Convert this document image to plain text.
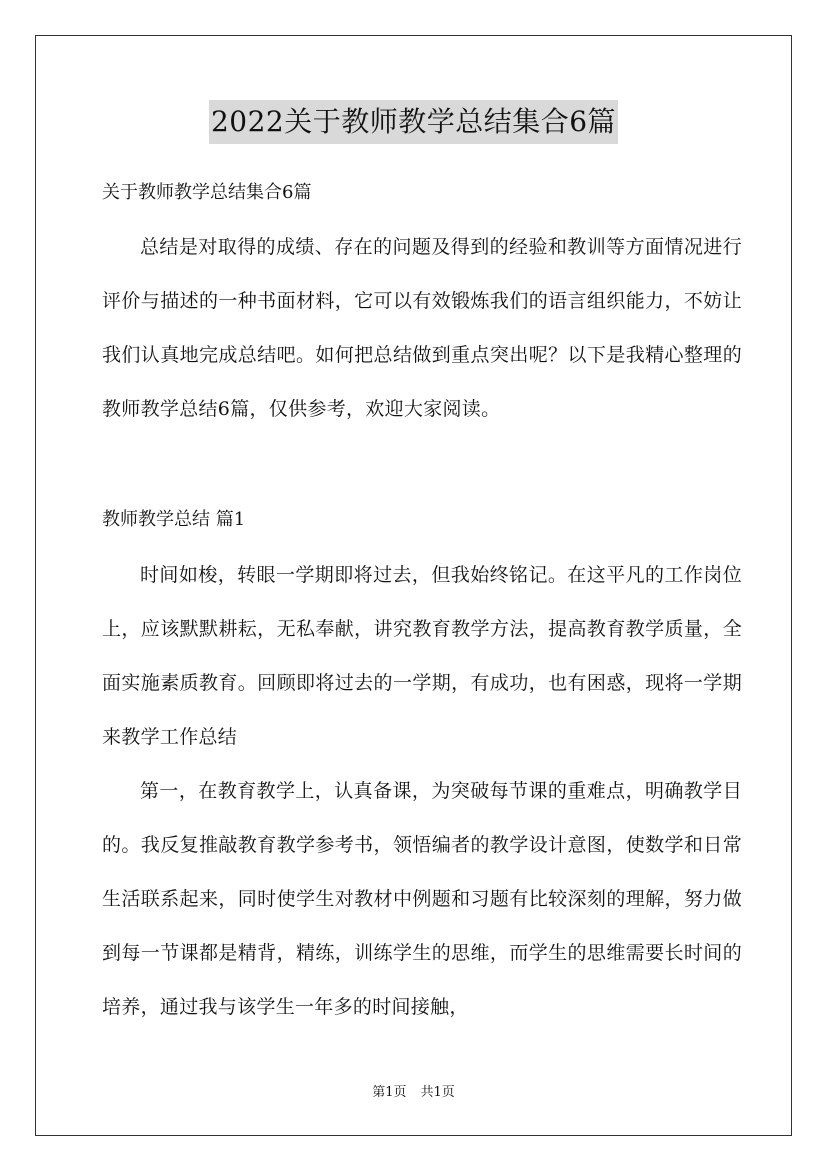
2022关于教师教学总结集合6篇
关于教师教学总结集合6篇

总结是对取得的成绩、存在的问题及得到的经验和教训等方面情况进行评价与描述的一种书面材料，它可以有效锻炼我们的语言组织能力，不妨让我们认真地完成总结吧。如何把总结做到重点突出呢？以下是我精心整理的教师教学总结6篇，仅供参考，欢迎大家阅读。

教师教学总结 篇1

时间如梭，转眼一学期即将过去，但我始终铭记。在这平凡的工作岗位上，应该默默耕耘，无私奉献，讲究教育教学方法，提高教育教学质量，全面实施素质教育。回顾即将过去的一学期，有成功，也有困惑，现将一学期来教学工作总结

第一，在教育教学上，认真备课，为突破每节课的重难点，明确教学目的。我反复推敲教育教学参考书，领悟编者的教学设计意图，使数学和日常生活联系起来，同时使学生对教材中例题和习题有比较深刻的理解，努力做到每一节课都是精背，精练，训练学生的思维，而学生的思维需要长时间的培养，通过我与该学生一年多的时间接触，

第1页 共1页
